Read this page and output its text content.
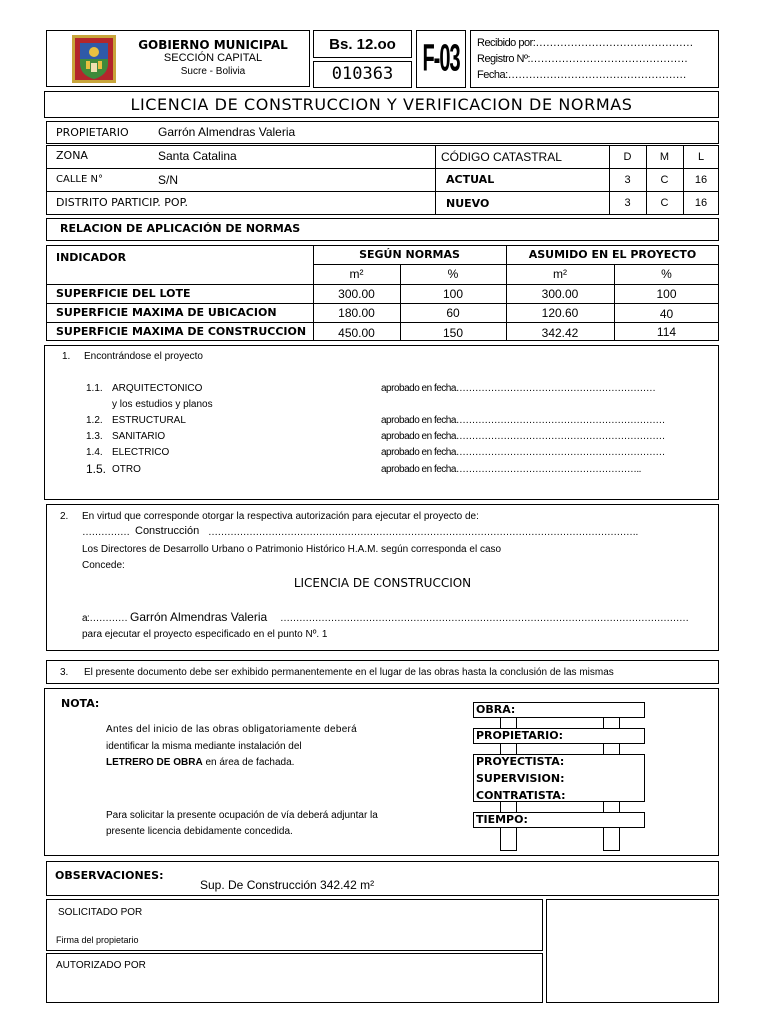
GOBIERNO MUNICIPAL
SECCIÓN CAPITAL
Sucre - Bolivia
Bs. 12.oo
010363	F-03	Recibido por:………………………………………
Registro Nº:………………………………………
Fecha:……………………………………………
LICENCIA DE CONSTRUCCION Y VERIFICACION DE NORMAS
PROPIETARIO Garrón Almendras Valeria
ZONA	Santa Catalina	CÓDIGO CATASTRAL	D	M	L
CALLE N°	S/N	ACTUAL	3	C	16
DISTRITO PARTICIP. POP.	NUEVO	3	C	16
RELACION DE APLICACIÓN DE NORMAS
INDICADOR	SEGÚN NORMAS	ASUMIDO EN EL PROYECTO
m²	%	m²	%
SUPERFICIE DEL LOTE	300.00	100	300.00	100
SUPERFICIE MAXIMA DE UBICACION	180.00	60	120.60	40
SUPERFICIE MAXIMA DE CONSTRUCCION	450.00	150	342.42	114
1. Encontrándose el proyecto
1.1. ARQUITECTONICO	aprobado en fecha………………………………………………………
y los estudios y planos
1.2. ESTRUCTURAL	aprobado en fecha…………………………………………………………
1.3. SANITARIO	aprobado en fecha…………………………………………………………
1.4. ELECTRICO	aprobado en fecha…………………………………………………………
1.5. OTRO	aprobado en fecha…………………………………………………..
2. En virtud que corresponde otorgar la respectiva autorización para ejecutar el proyecto de:
…………… Construcción ……………………………………………………………………………………………………………………….
Los Directores de Desarrollo Urbano o Patrimonio Histórico H.A.M. según corresponda el caso
Concede:
LICENCIA DE CONSTRUCCION
a:………… Garrón Almendras Valeria …………………………………………………………………………………………………………………
para ejecutar el proyecto especificado en el punto Nº. 1
3. El presente documento debe ser exhibido permanentemente en el lugar de las obras hasta la conclusión de las mismas
NOTA:
Antes del inicio de las obras obligatoriamente deberá
identificar la misma mediante instalación del
LETRERO DE OBRA en área de fachada.
Para solicitar la presente ocupación de vía deberá adjuntar la
presente licencia debidamente concedida.
OBRA:
PROPIETARIO:
PROYECTISTA:
SUPERVISION:
CONTRATISTA:
TIEMPO:
OBSERVACIONES:
Sup. De Construcción 342.42 m²
SOLICITADO POR
Firma del propietario
AUTORIZADO POR
